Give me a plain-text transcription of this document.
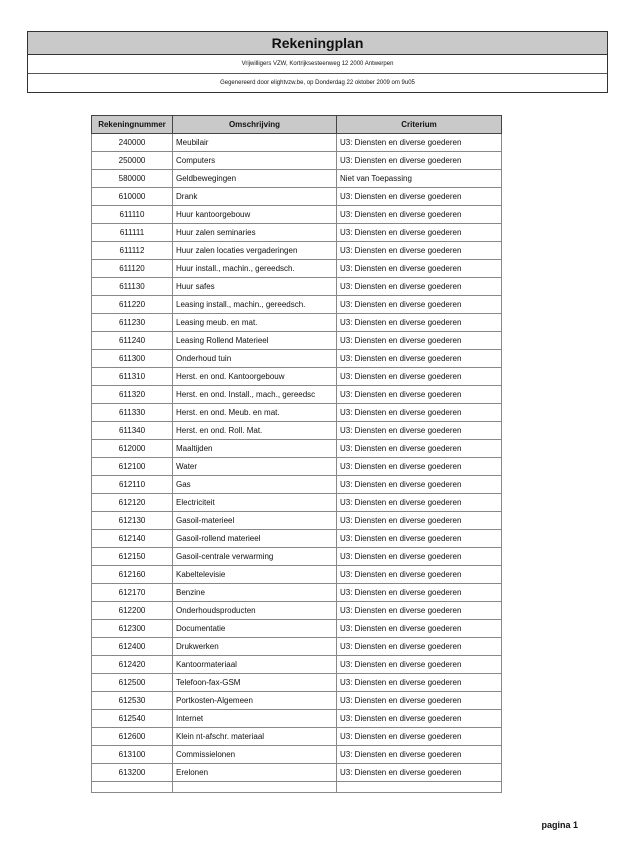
Rekeningplan
Vrijwilligers VZW, Kortrijksesteenweg 12 2000 Antwerpen
Gegenereerd door elightvzw.be, op Donderdag 22 oktober 2009 om 9u05
Rekeningnummer	Omschrijving	Criterium
240000	Meubilair	U3: Diensten en diverse goederen
250000	Computers	U3: Diensten en diverse goederen
580000	Geldbewegingen	Niet van Toepassing
610000	Drank	U3: Diensten en diverse goederen
611110	Huur kantoorgebouw	U3: Diensten en diverse goederen
611111	Huur zalen seminaries	U3: Diensten en diverse goederen
611112	Huur zalen locaties vergaderingen	U3: Diensten en diverse goederen
611120	Huur install., machin., gereedsch.	U3: Diensten en diverse goederen
611130	Huur safes	U3: Diensten en diverse goederen
611220	Leasing install., machin., gereedsch.	U3: Diensten en diverse goederen
611230	Leasing meub. en mat.	U3: Diensten en diverse goederen
611240	Leasing Rollend Materieel	U3: Diensten en diverse goederen
611300	Onderhoud tuin	U3: Diensten en diverse goederen
611310	Herst. en ond. Kantoorgebouw	U3: Diensten en diverse goederen
611320	Herst. en ond. Install., mach., gereedsc	U3: Diensten en diverse goederen
611330	Herst. en ond. Meub. en mat.	U3: Diensten en diverse goederen
611340	Herst. en ond. Roll. Mat.	U3: Diensten en diverse goederen
612000	Maaltijden	U3: Diensten en diverse goederen
612100	Water	U3: Diensten en diverse goederen
612110	Gas	U3: Diensten en diverse goederen
612120	Electriciteit	U3: Diensten en diverse goederen
612130	Gasoil-materieel	U3: Diensten en diverse goederen
612140	Gasoil-rollend materieel	U3: Diensten en diverse goederen
612150	Gasoil-centrale verwarming	U3: Diensten en diverse goederen
612160	Kabeltelevisie	U3: Diensten en diverse goederen
612170	Benzine	U3: Diensten en diverse goederen
612200	Onderhoudsproducten	U3: Diensten en diverse goederen
612300	Documentatie	U3: Diensten en diverse goederen
612400	Drukwerken	U3: Diensten en diverse goederen
612420	Kantoormateriaal	U3: Diensten en diverse goederen
612500	Telefoon-fax-GSM	U3: Diensten en diverse goederen
612530	Portkosten-Algemeen	U3: Diensten en diverse goederen
612540	Internet	U3: Diensten en diverse goederen
612600	Klein nt-afschr. materiaal	U3: Diensten en diverse goederen
613100	Commissielonen	U3: Diensten en diverse goederen
613200	Erelonen	U3: Diensten en diverse goederen

pagina 1
